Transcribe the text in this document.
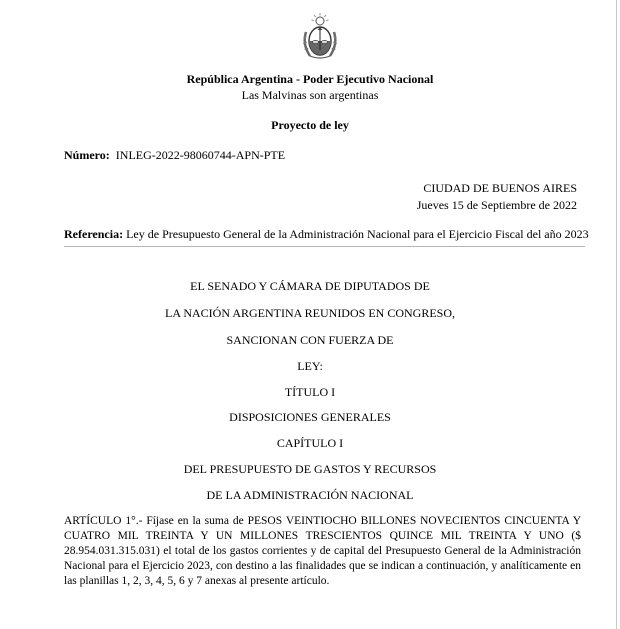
República Argentina - Poder Ejecutivo Nacional
Las Malvinas son argentinas
Proyecto de ley
Número: INLEG-2022-98060744-APN-PTE
CIUDAD DE BUENOS AIRES
Jueves 15 de Septiembre de 2022
Referencia: Ley de Presupuesto General de la Administración Nacional para el Ejercicio Fiscal del año 2023
EL SENADO Y CÁMARA DE DIPUTADOS DE
LA NACIÓN ARGENTINA REUNIDOS EN CONGRESO,
SANCIONAN CON FUERZA DE
LEY:
TÍTULO I
DISPOSICIONES GENERALES
CAPÍTULO I
DEL PRESUPUESTO DE GASTOS Y RECURSOS
DE LA ADMINISTRACIÓN NACIONAL
ARTÍCULO 1°.- Fíjase en la suma de PESOS VEINTIOCHO BILLONES NOVECIENTOS CINCUENTA Y CUATRO MIL TREINTA Y UN MILLONES TRESCIENTOS QUINCE MIL TREINTA Y UNO ($ 28.954.031.315.031) el total de los gastos corrientes y de capital del Presupuesto General de la Administración Nacional para el Ejercicio 2023, con destino a las finalidades que se indican a continuación, y analíticamente en las planillas 1, 2, 3, 4, 5, 6 y 7 anexas al presente artículo.
